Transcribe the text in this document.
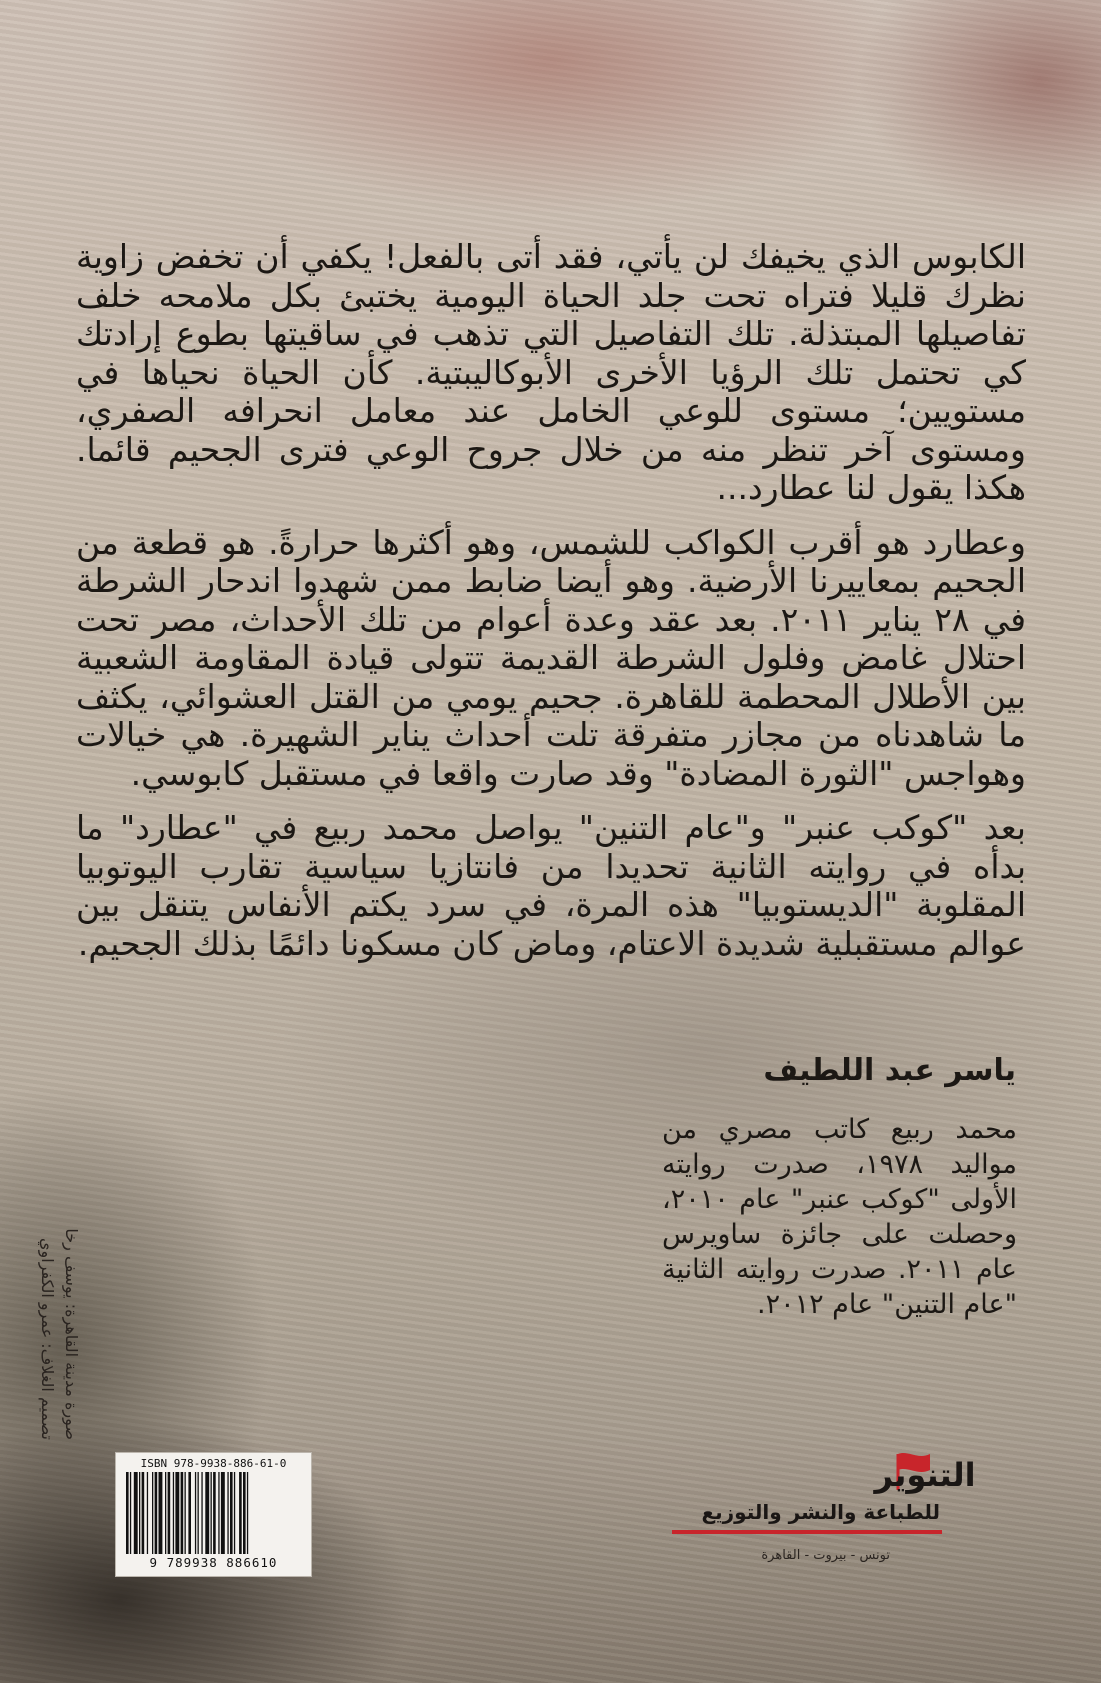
الكابوس الذي يخيفك لن يأتي، فقد أتى بالفعل! يكفي أن تخفض زاوية نظرك قليلا فتراه تحت جلد الحياة اليومية يختبئ بكل ملامحه خلف تفاصيلها المبتذلة. تلك التفاصيل التي تذهب في ساقيتها بطوع إرادتك كي تحتمل تلك الرؤيا الأخرى الأبوكاليبتية. كأن الحياة نحياها في مستويين؛ مستوى للوعي الخامل عند معامل انحرافه الصفري، ومستوى آخر تنظر منه من خلال جروح الوعي فترى الجحيم قائما. هكذا يقول لنا عطارد...

وعطارد هو أقرب الكواكب للشمس، وهو أكثرها حرارةً. هو قطعة من الجحيم بمعاييرنا الأرضية. وهو أيضا ضابط ممن شهدوا اندحار الشرطة في ٢٨ يناير ٢٠١١. بعد عقد وعدة أعوام من تلك الأحداث، مصر تحت احتلال غامض وفلول الشرطة القديمة تتولى قيادة المقاومة الشعبية بين الأطلال المحطمة للقاهرة. جحيم يومي من القتل العشوائي، يكثف ما شاهدناه من مجازر متفرقة تلت أحداث يناير الشهيرة. هي خيالات وهواجس "الثورة المضادة" وقد صارت واقعا في مستقبل كابوسي.

بعد "كوكب عنبر" و"عام التنين" يواصل محمد ربيع في "عطارد" ما بدأه في روايته الثانية تحديدا من فانتازيا سياسية تقارب اليوتوبيا المقلوبة "الديستوبيا" هذه المرة، في سرد يكتم الأنفاس يتنقل بين عوالم مستقبلية شديدة الاعتام، وماض كان مسكونا دائمًا بذلك الجحيم.

ياسر عبد اللطيف

محمد ربيع كاتب مصري من مواليد ١٩٧٨، صدرت روايته الأولى "كوكب عنبر" عام ٢٠١٠، وحصلت على جائزة ساويرس عام ٢٠١١. صدرت روايته الثانية "عام التنين" عام ٢٠١٢.

صورة مدينة القاهرة: يوسف رخا
تصميم الغلاف: عمرو الكفراوي
ISBN 978-9938-886-61-0
9 789938 886610
التنوير
للطباعة والنشر والتوزيع
تونس - بيروت - القاهرة
